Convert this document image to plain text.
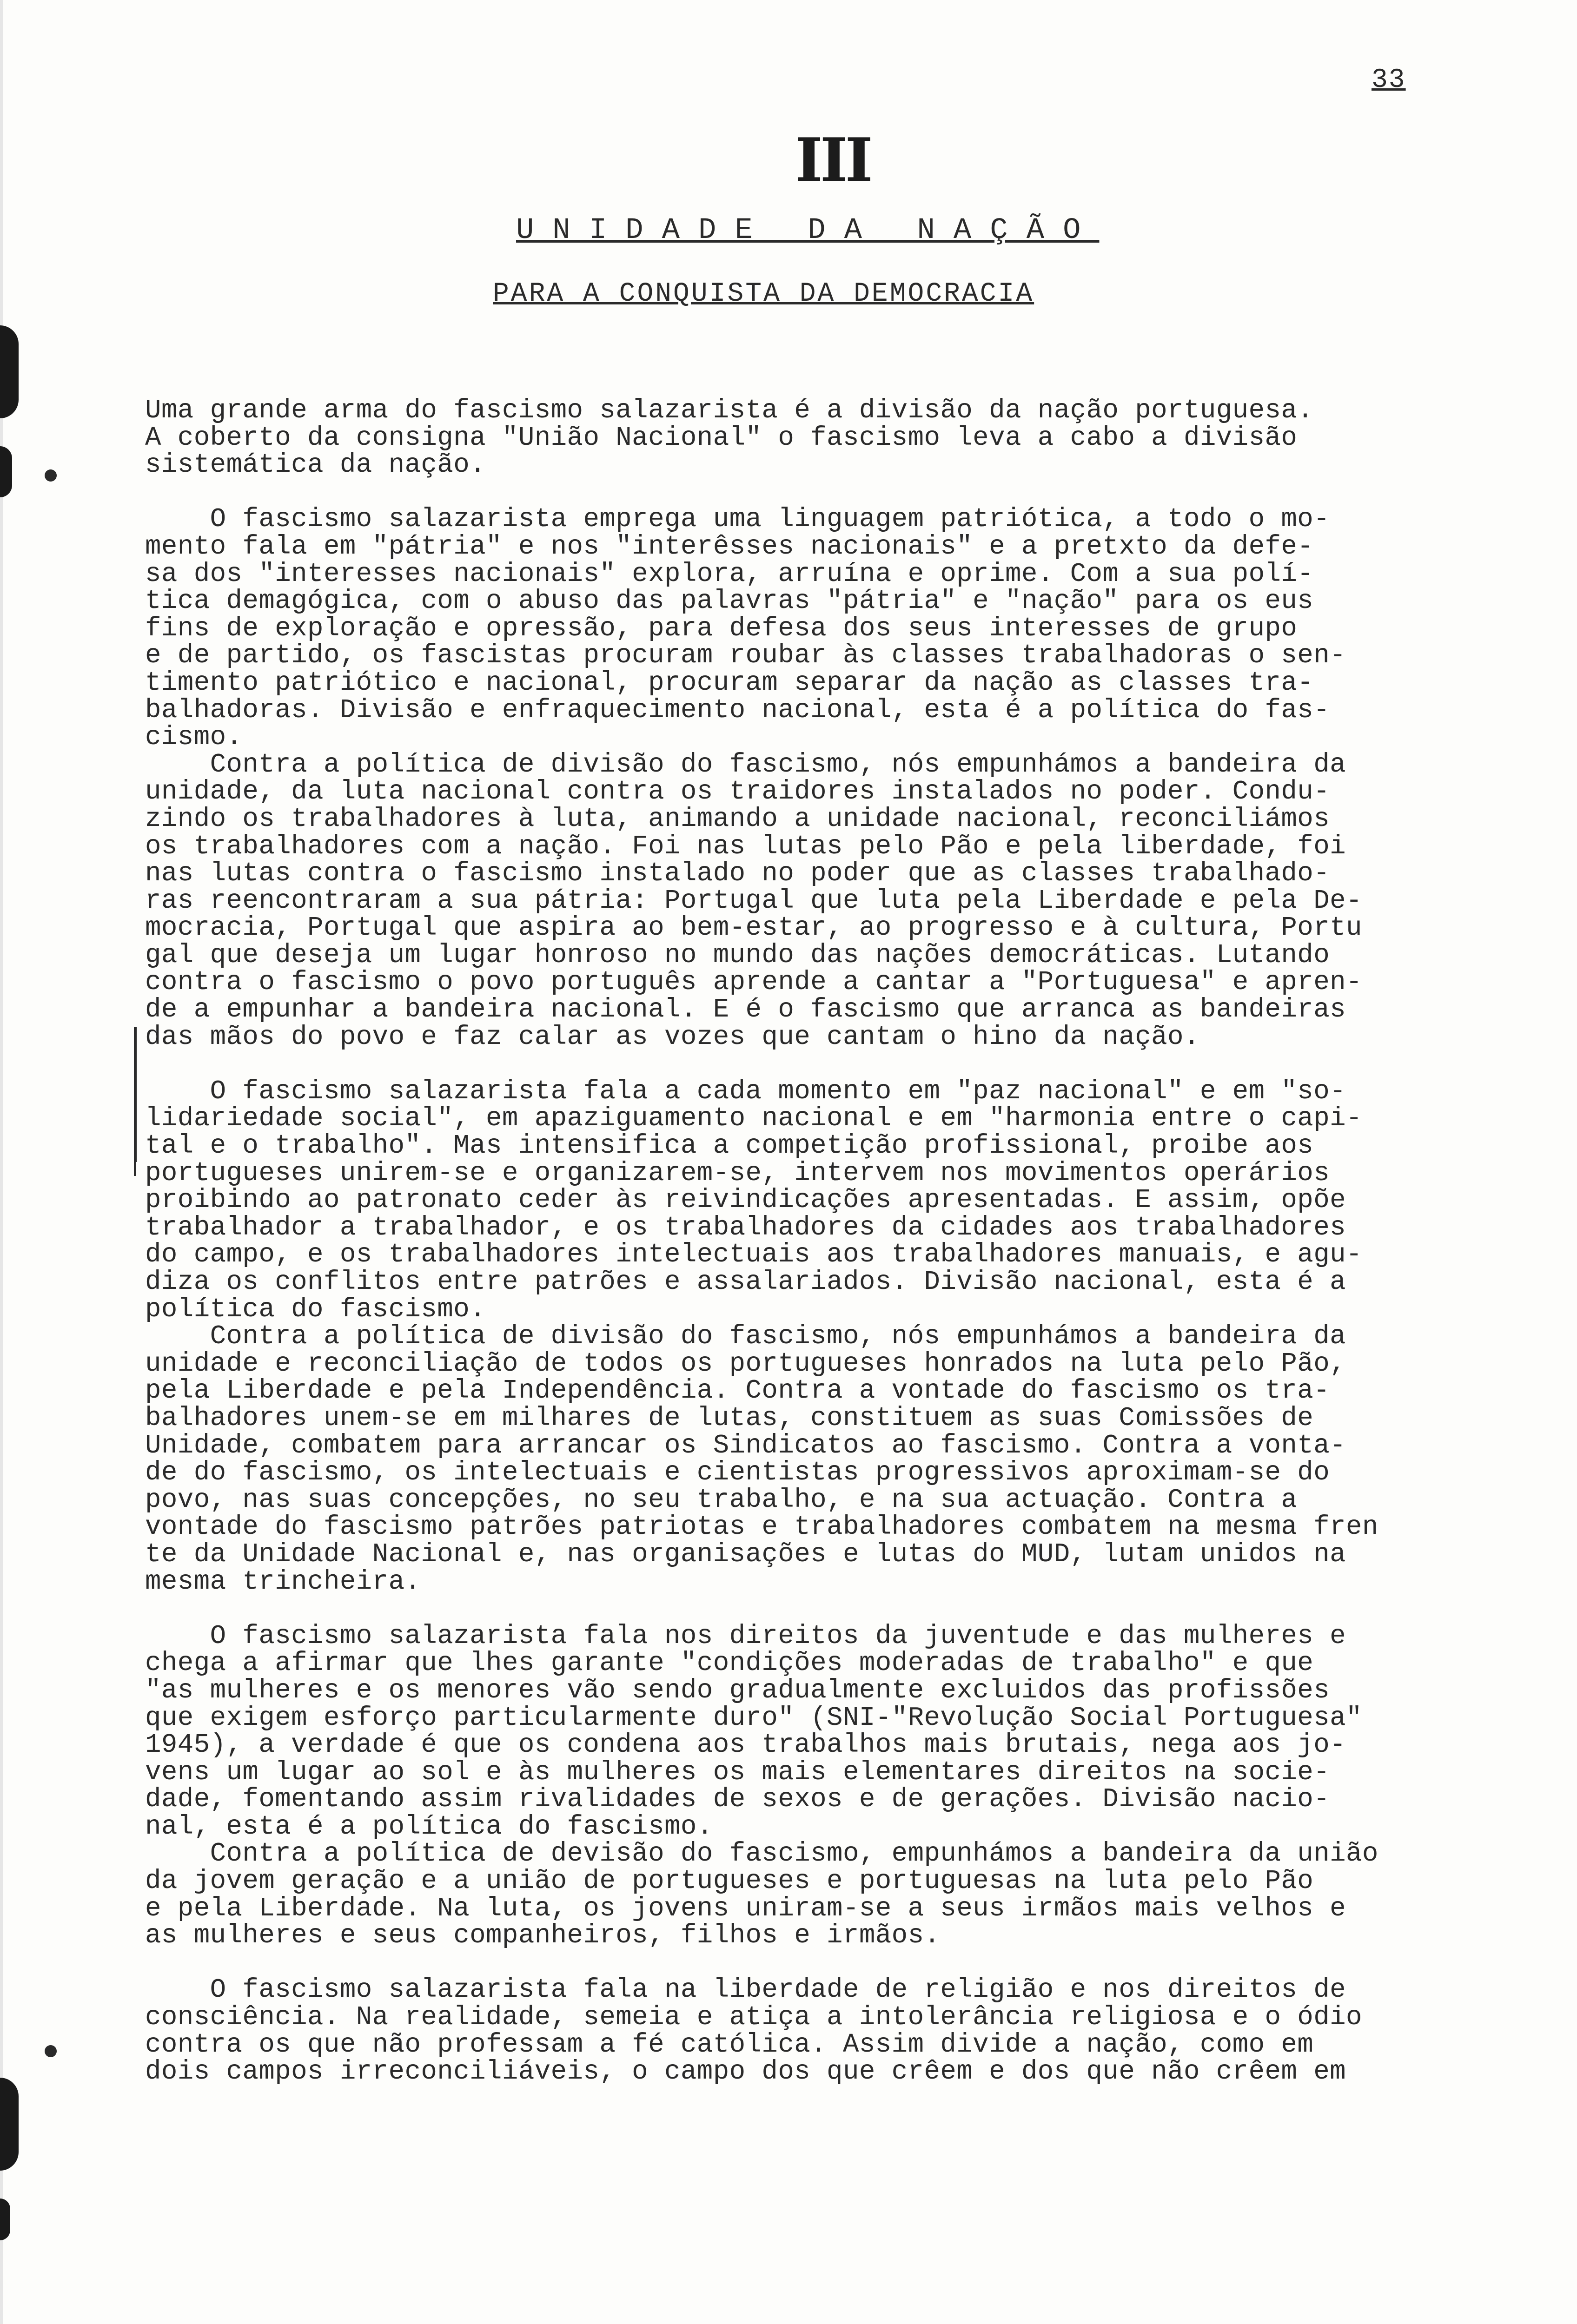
33
III
UNIDADE DA NAÇÃO
PARA A CONQUISTA DA DEMOCRACIA
Uma grande arma do fascismo salazarista é a divisão da nação portuguesa.
A coberto da consigna "União Nacional" o fascismo leva a cabo a divisão
sistemática da nação.

O fascismo salazarista emprega uma linguagem patriótica, a todo o mo-
mento fala em "pátria" e nos "interêsses nacionais" e a pretxto da defe-
sa dos "interesses nacionais" explora, arruína e oprime. Com a sua polí-
tica demagógica, com o abuso das palavras "pátria" e "nação" para os eus
fins de exploração e opressão, para defesa dos seus interesses de grupo
e de partido, os fascistas procuram roubar às classes trabalhadoras o sen-
timento patriótico e nacional, procuram separar da nação as classes tra-
balhadoras. Divisão e enfraquecimento nacional, esta é a política do fas-
cismo.
Contra a política de divisão do fascismo, nós empunhámos a bandeira da
unidade, da luta nacional contra os traidores instalados no poder. Condu-
zindo os trabalhadores à luta, animando a unidade nacional, reconciliámos
os trabalhadores com a nação. Foi nas lutas pelo Pão e pela liberdade, foi
nas lutas contra o fascismo instalado no poder que as classes trabalhado-
ras reencontraram a sua pátria: Portugal que luta pela Liberdade e pela De-
mocracia, Portugal que aspira ao bem-estar, ao progresso e à cultura, Portu
gal que deseja um lugar honroso no mundo das nações democráticas. Lutando
contra o fascismo o povo português aprende a cantar a "Portuguesa" e apren-
de a empunhar a bandeira nacional. E é o fascismo que arranca as bandeiras
das mãos do povo e faz calar as vozes que cantam o hino da nação.

O fascismo salazarista fala a cada momento em "paz nacional" e em "so-
lidariedade social", em apaziguamento nacional e em "harmonia entre o capi-
tal e o trabalho". Mas intensifica a competição profissional, proibe aos
portugueses unirem-se e organizarem-se, intervem nos movimentos operários
proibindo ao patronato ceder às reivindicações apresentadas. E assim, opõe
trabalhador a trabalhador, e os trabalhadores da cidades aos trabalhadores
do campo, e os trabalhadores intelectuais aos trabalhadores manuais, e agu-
diza os conflitos entre patrões e assalariados. Divisão nacional, esta é a
política do fascismo.
Contra a política de divisão do fascismo, nós empunhámos a bandeira da
unidade e reconciliação de todos os portugueses honrados na luta pelo Pão,
pela Liberdade e pela Independência. Contra a vontade do fascismo os tra-
balhadores unem-se em milhares de lutas, constituem as suas Comissões de
Unidade, combatem para arrancar os Sindicatos ao fascismo. Contra a vonta-
de do fascismo, os intelectuais e cientistas progressivos aproximam-se do
povo, nas suas concepções, no seu trabalho, e na sua actuação. Contra a
vontade do fascismo patrões patriotas e trabalhadores combatem na mesma fren
te da Unidade Nacional e, nas organisações e lutas do MUD, lutam unidos na
mesma trincheira.

O fascismo salazarista fala nos direitos da juventude e das mulheres e
chega a afirmar que lhes garante "condições moderadas de trabalho" e que
"as mulheres e os menores vão sendo gradualmente excluidos das profissões
que exigem esforço particularmente duro" (SNI-"Revolução Social Portuguesa"
1945), a verdade é que os condena aos trabalhos mais brutais, nega aos jo-
vens um lugar ao sol e às mulheres os mais elementares direitos na socie-
dade, fomentando assim rivalidades de sexos e de gerações. Divisão nacio-
nal, esta é a política do fascismo.
Contra a política de devisão do fascismo, empunhámos a bandeira da união
da jovem geração e a união de portugueses e portuguesas na luta pelo Pão
e pela Liberdade. Na luta, os jovens uniram-se a seus irmãos mais velhos e
as mulheres e seus companheiros, filhos e irmãos.

O fascismo salazarista fala na liberdade de religião e nos direitos de
consciência. Na realidade, semeia e atiça a intolerância religiosa e o ódio
contra os que não professam a fé católica. Assim divide a nação, como em
dois campos irreconciliáveis, o campo dos que crêem e dos que não crêem em
